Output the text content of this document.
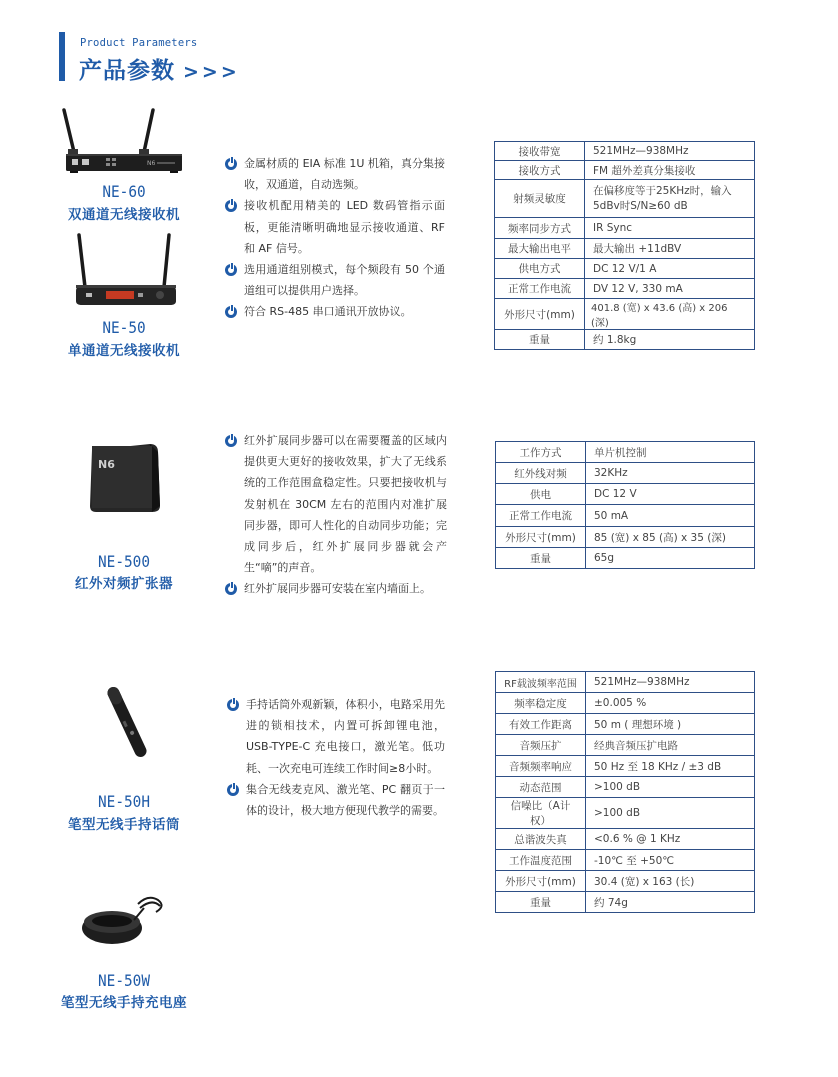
Product Parameters
产品参数 >>>
N6
NE-60
双通道无线接收机
NE-50
单通道无线接收机
N6
NE-500
红外对频扩张器
NE-50H
笔型无线手持话筒
NE-50W
笔型无线手持充电座
金属材质的 EIA 标准 1U 机箱，真分集接收，双通道，自动选频。
接收机配用精美的 LED 数码管指示面板，更能清晰明确地显示接收通道、RF 和 AF 信号。
选用通道组别模式，每个频段有 50 个通道组可以提供用户选择。
符合 RS-485 串口通讯开放协议。
接收带宽	521MHz—938MHz
接收方式	FM 超外差真分集接收
射频灵敏度	在偏移度等于25KHz时，输入5dBv时S/N≥60 dB
频率同步方式	IR Sync
最大输出电平	最大输出 +11dBV
供电方式	DC 12 V/1 A
正常工作电流	DV 12 V, 330 mA
外形尺寸(mm)	401.8 (宽) x 43.6 (高) x 206 (深)
重量	约 1.8kg
红外扩展同步器可以在需要覆盖的区域内提供更大更好的接收效果，扩大了无线系统的工作范围盒稳定性。只要把接收机与发射机在 30CM 左右的范围内对准扩展同步器，即可人性化的自动同步功能；完成同步后，红外扩展同步器就会产生“嘀”的声音。
红外扩展同步器可安装在室内墙面上。
工作方式	单片机控制
红外线对频	32KHz
供电	DC 12 V
正常工作电流	50 mA
外形尺寸(mm)	85 (宽) x 85 (高) x 35 (深)
重量	65g
手持话筒外观新颖，体积小，电路采用先进的锁相技术，内置可拆卸锂电池，USB-TYPE-C 充电接口，激光笔。低功耗、一次充电可连续工作时间≥8小时。
集合无线麦克风、激光笔、PC 翻页于一体的设计，极大地方便现代教学的需要。
RF载波频率范围	521MHz—938MHz
频率稳定度	±0.005 %
有效工作距离	50 m ( 理想环境 )
音频压扩	经典音频压扩电路
音频频率响应	50 Hz 至 18 KHz / ±3 dB
动态范围	>100 dB
信噪比（A计权）	>100 dB
总谐波失真	<0.6 % @ 1 KHz
工作温度范围	-10℃ 至 +50℃
外形尺寸(mm)	30.4 (宽) x 163 (长)
重量	约 74g
